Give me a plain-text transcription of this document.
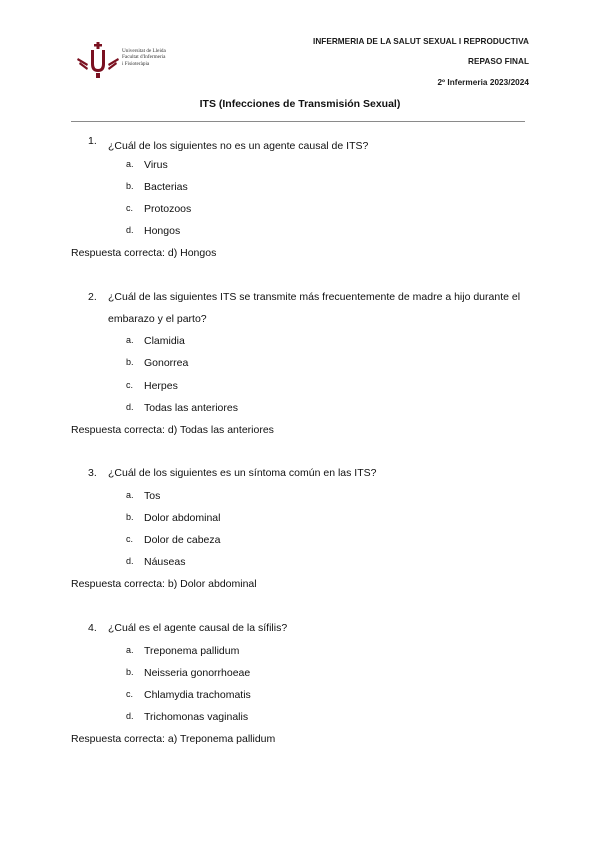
Universitat de Lleida
Facultat d'Infermeria
i Fisioteràpia
INFERMERIA DE LA SALUT SEXUAL I REPRODUCTIVA
REPASO FINAL
2º Infermeria 2023/2024
ITS (Infecciones de Transmisión Sexual)
1. ¿Cuál de los siguientes no es un agente causal de ITS?
a. Virus
b. Bacterias
c. Protozoos
d. Hongos
Respuesta correcta: d) Hongos
2. ¿Cuál de las siguientes ITS se transmite más frecuentemente de madre a hijo durante el embarazo y el parto?
a. Clamidia
b. Gonorrea
c. Herpes
d. Todas las anteriores
Respuesta correcta: d) Todas las anteriores
3. ¿Cuál de los siguientes es un síntoma común en las ITS?
a. Tos
b. Dolor abdominal
c. Dolor de cabeza
d. Náuseas
Respuesta correcta: b) Dolor abdominal
4. ¿Cuál es el agente causal de la sífilis?
a. Treponema pallidum
b. Neisseria gonorrhoeae
c. Chlamydia trachomatis
d. Trichomonas vaginalis
Respuesta correcta: a) Treponema pallidum
